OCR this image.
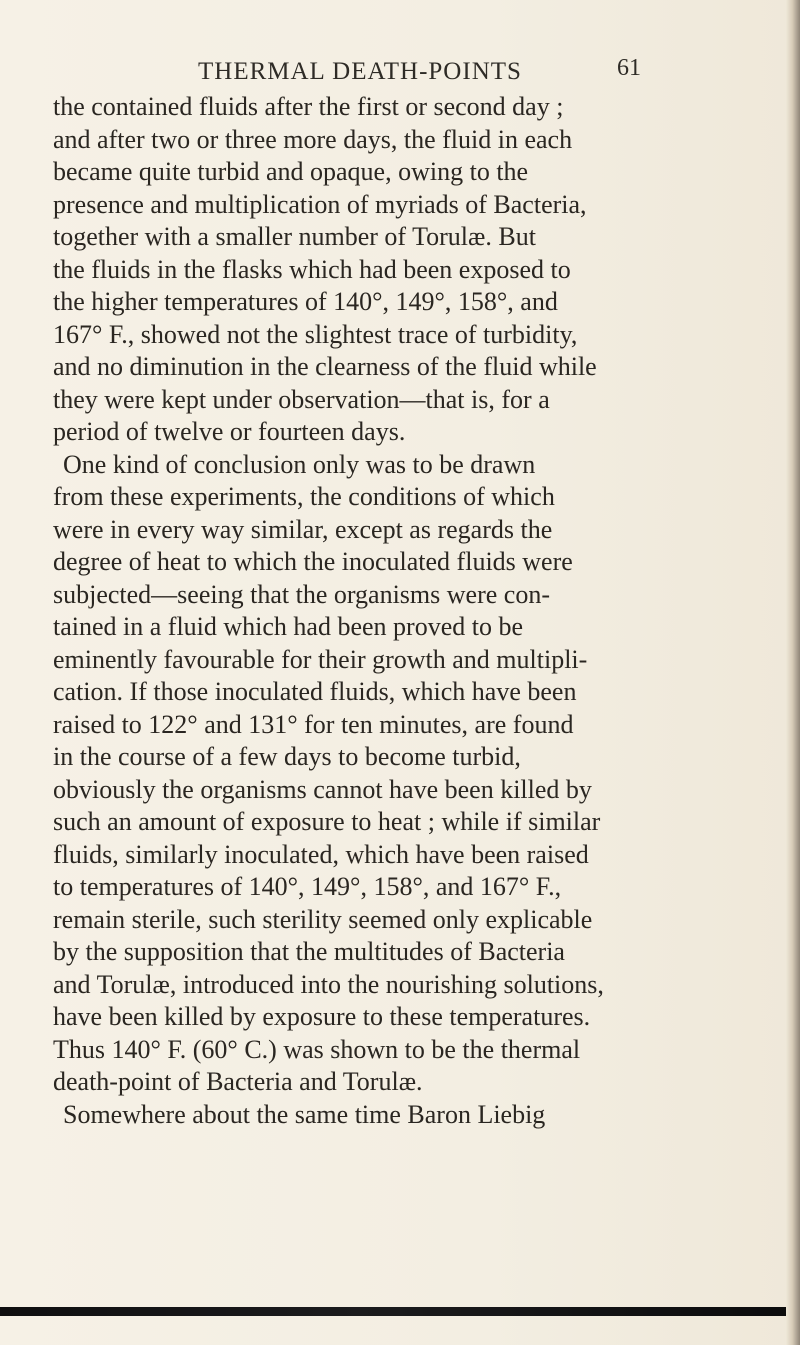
THERMAL DEATH-POINTS	61
the contained fluids after the first or second day ;
and after two or three more days, the fluid in each
became quite turbid and opaque, owing to the
presence and multiplication of myriads of Bacteria,
together with a smaller number of Torulæ. But
the fluids in the flasks which had been exposed to
the higher temperatures of 140°, 149°, 158°, and
167° F., showed not the slightest trace of turbidity,
and no diminution in the clearness of the fluid while
they were kept under observation—that is, for a
period of twelve or fourteen days.
One kind of conclusion only was to be drawn
from these experiments, the conditions of which
were in every way similar, except as regards the
degree of heat to which the inoculated fluids were
subjected—seeing that the organisms were con-
tained in a fluid which had been proved to be
eminently favourable for their growth and multipli-
cation. If those inoculated fluids, which have been
raised to 122° and 131° for ten minutes, are found
in the course of a few days to become turbid,
obviously the organisms cannot have been killed by
such an amount of exposure to heat ; while if similar
fluids, similarly inoculated, which have been raised
to temperatures of 140°, 149°, 158°, and 167° F.,
remain sterile, such sterility seemed only explicable
by the supposition that the multitudes of Bacteria
and Torulæ, introduced into the nourishing solutions,
have been killed by exposure to these temperatures.
Thus 140° F. (60° C.) was shown to be the thermal
death-point of Bacteria and Torulæ.
Somewhere about the same time Baron Liebig
